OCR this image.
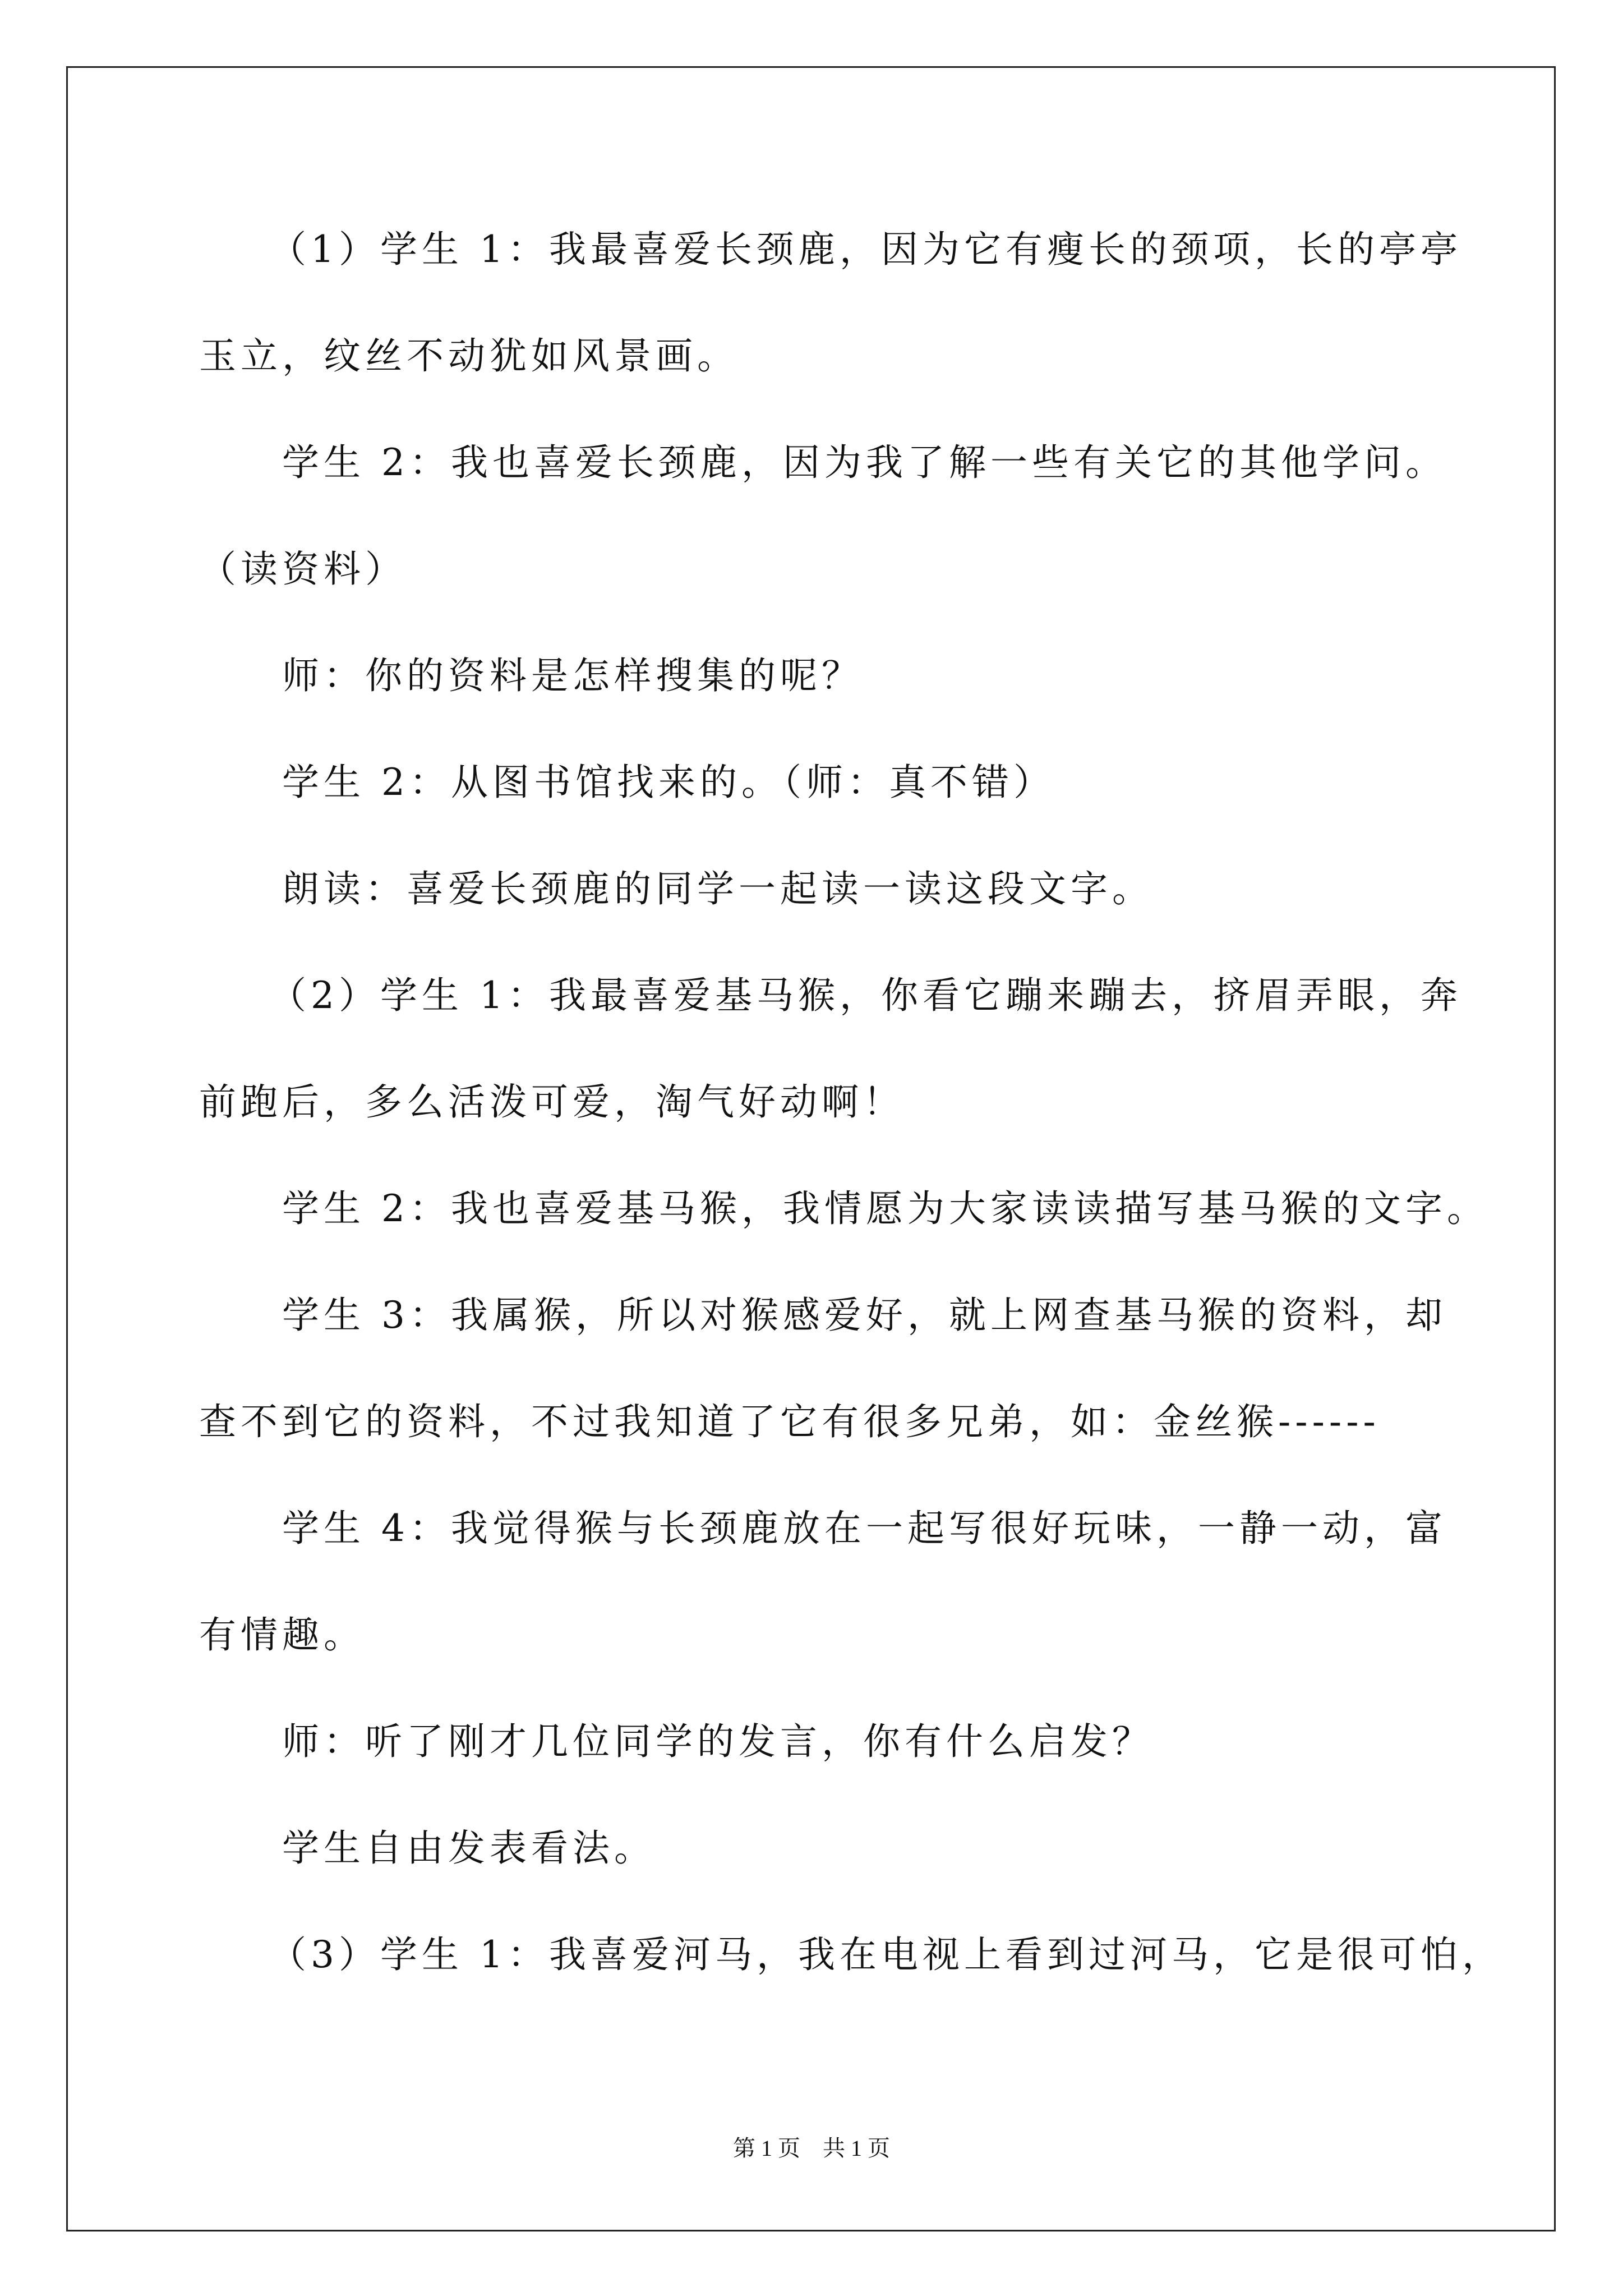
（1）学生 1：我最喜爱长颈鹿，因为它有瘦长的颈项，长的亭亭
玉立，纹丝不动犹如风景画。
学生 2：我也喜爱长颈鹿，因为我了解一些有关它的其他学问。
（读资料）
师：你的资料是怎样搜集的呢？
学生 2：从图书馆找来的。（师：真不错）
朗读：喜爱长颈鹿的同学一起读一读这段文字。
（2）学生 1：我最喜爱基马猴，你看它蹦来蹦去，挤眉弄眼，奔
前跑后，多么活泼可爱，淘气好动啊！
学生 2：我也喜爱基马猴，我情愿为大家读读描写基马猴的文字。
学生 3：我属猴，所以对猴感爱好，就上网查基马猴的资料，却
查不到它的资料，不过我知道了它有很多兄弟，如：金丝猴------
学生 4：我觉得猴与长颈鹿放在一起写很好玩味，一静一动，富
有情趣。
师：听了刚才几位同学的发言，你有什么启发？
学生自由发表看法。
（3）学生 1：我喜爱河马，我在电视上看到过河马，它是很可怕，
第 1 页　共 1 页
